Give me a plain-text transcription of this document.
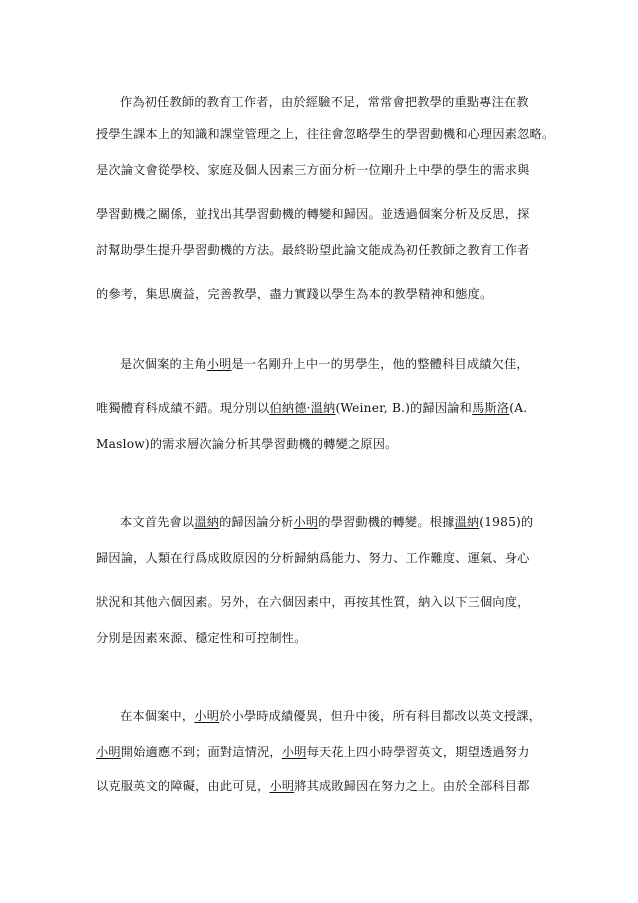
作為初任教師的教育工作者，由於經驗不足，常常會把教學的重點專注在教
授學生課本上的知識和課堂管理之上，往往會忽略學生的學習動機和心理因素忽略。
是次論文會從學校、家庭及個人因素三方面分析一位剛升上中學的學生的需求與
學習動機之關係，並找出其學習動機的轉變和歸因。並透過個案分析及反思，探
討幫助學生提升學習動機的方法。最終盼望此論文能成為初任教師之教育工作者
的參考，集思廣益，完善教學，盡力實踐以學生為本的教學精神和態度。
是次個案的主角小明是一名剛升上中一的男學生，他的整體科目成績欠佳，
唯獨體育科成績不錯。現分別以伯納德·溫納(Weiner, B.)的歸因論和馬斯洛(A.
Maslow)的需求層次論分析其學習動機的轉變之原因。
本文首先會以溫納的歸因論分析小明的學習動機的轉變。根據溫納(1985)的
歸因論，人類在行爲成敗原因的分析歸納爲能力、努力、工作難度、運氣、身心
狀況和其他六個因素。另外，在六個因素中，再按其性質，納入以下三個向度，
分別是因素來源、穩定性和可控制性。
在本個案中，小明於小學時成績優異，但升中後，所有科目都改以英文授課，
小明開始適應不到；面對這情況，小明每天花上四小時學習英文，期望透過努力
以克服英文的障礙，由此可見，小明將其成敗歸因在努力之上。由於全部科目都
